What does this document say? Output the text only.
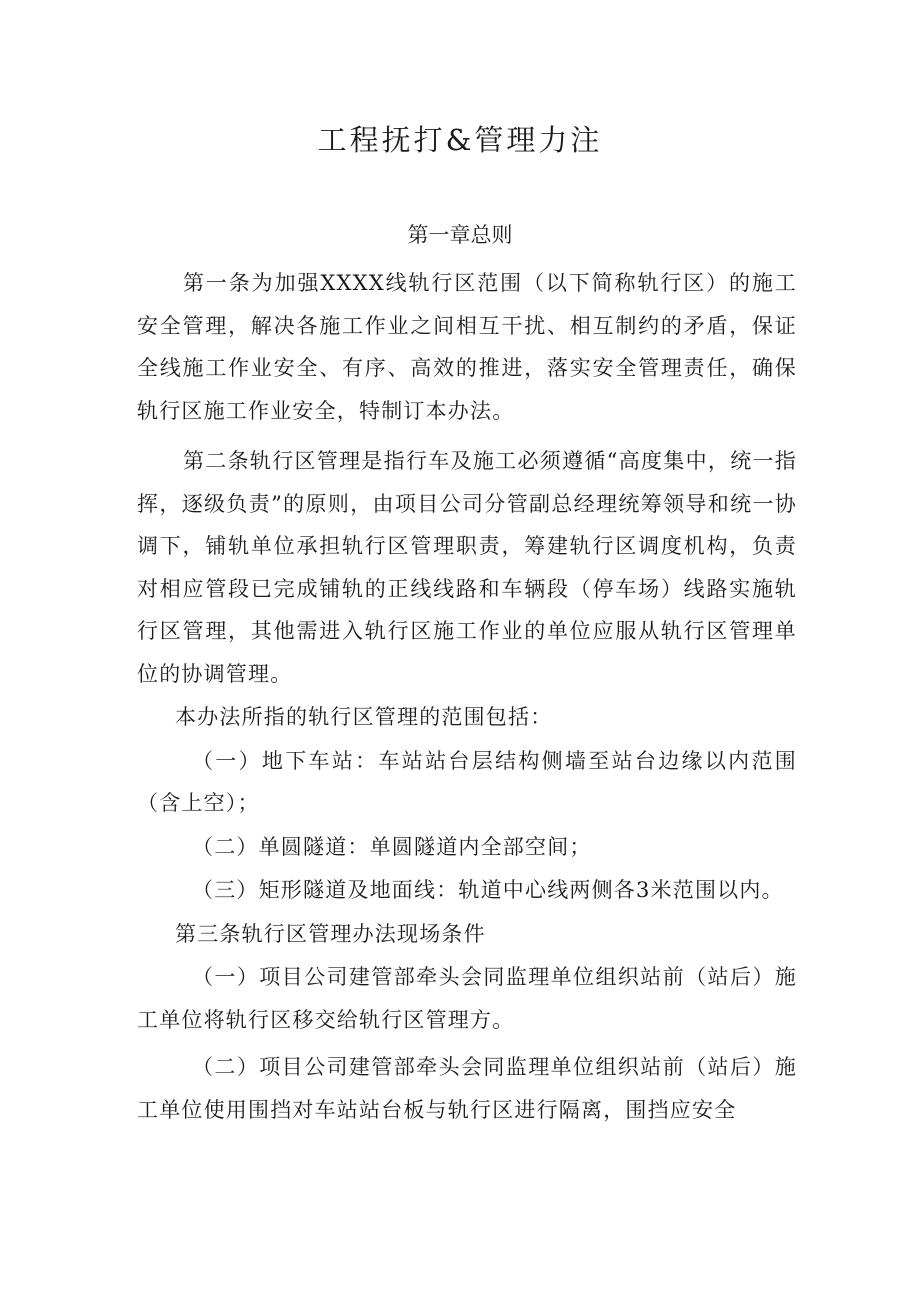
工程抚打&管理力注
第一章总则

第一条为加强XXXX线轨行区范围（以下简称轨行区）的施工安全管理，解决各施工作业之间相互干扰、相互制约的矛盾，保证全线施工作业安全、有序、高效的推进，落实安全管理责任，确保轨行区施工作业安全，特制订本办法。

第二条轨行区管理是指行车及施工必须遵循“高度集中，统一指挥，逐级负责”的原则，由项目公司分管副总经理统筹领导和统一协调下，铺轨单位承担轨行区管理职责，筹建轨行区调度机构，负责对相应管段已完成铺轨的正线线路和车辆段（停车场）线路实施轨行区管理，其他需进入轨行区施工作业的单位应服从轨行区管理单位的协调管理。

本办法所指的轨行区管理的范围包括：

（一）地下车站：车站站台层结构侧墙至站台边缘以内范围（含上空）；

（二）单圆隧道：单圆隧道内全部空间；

（三）矩形隧道及地面线：轨道中心线两侧各3米范围以内。

第三条轨行区管理办法现场条件

（一）项目公司建管部牵头会同监理单位组织站前（站后）施工单位将轨行区移交给轨行区管理方。

（二）项目公司建管部牵头会同监理单位组织站前（站后）施工单位使用围挡对车站站台板与轨行区进行隔离，围挡应安全
